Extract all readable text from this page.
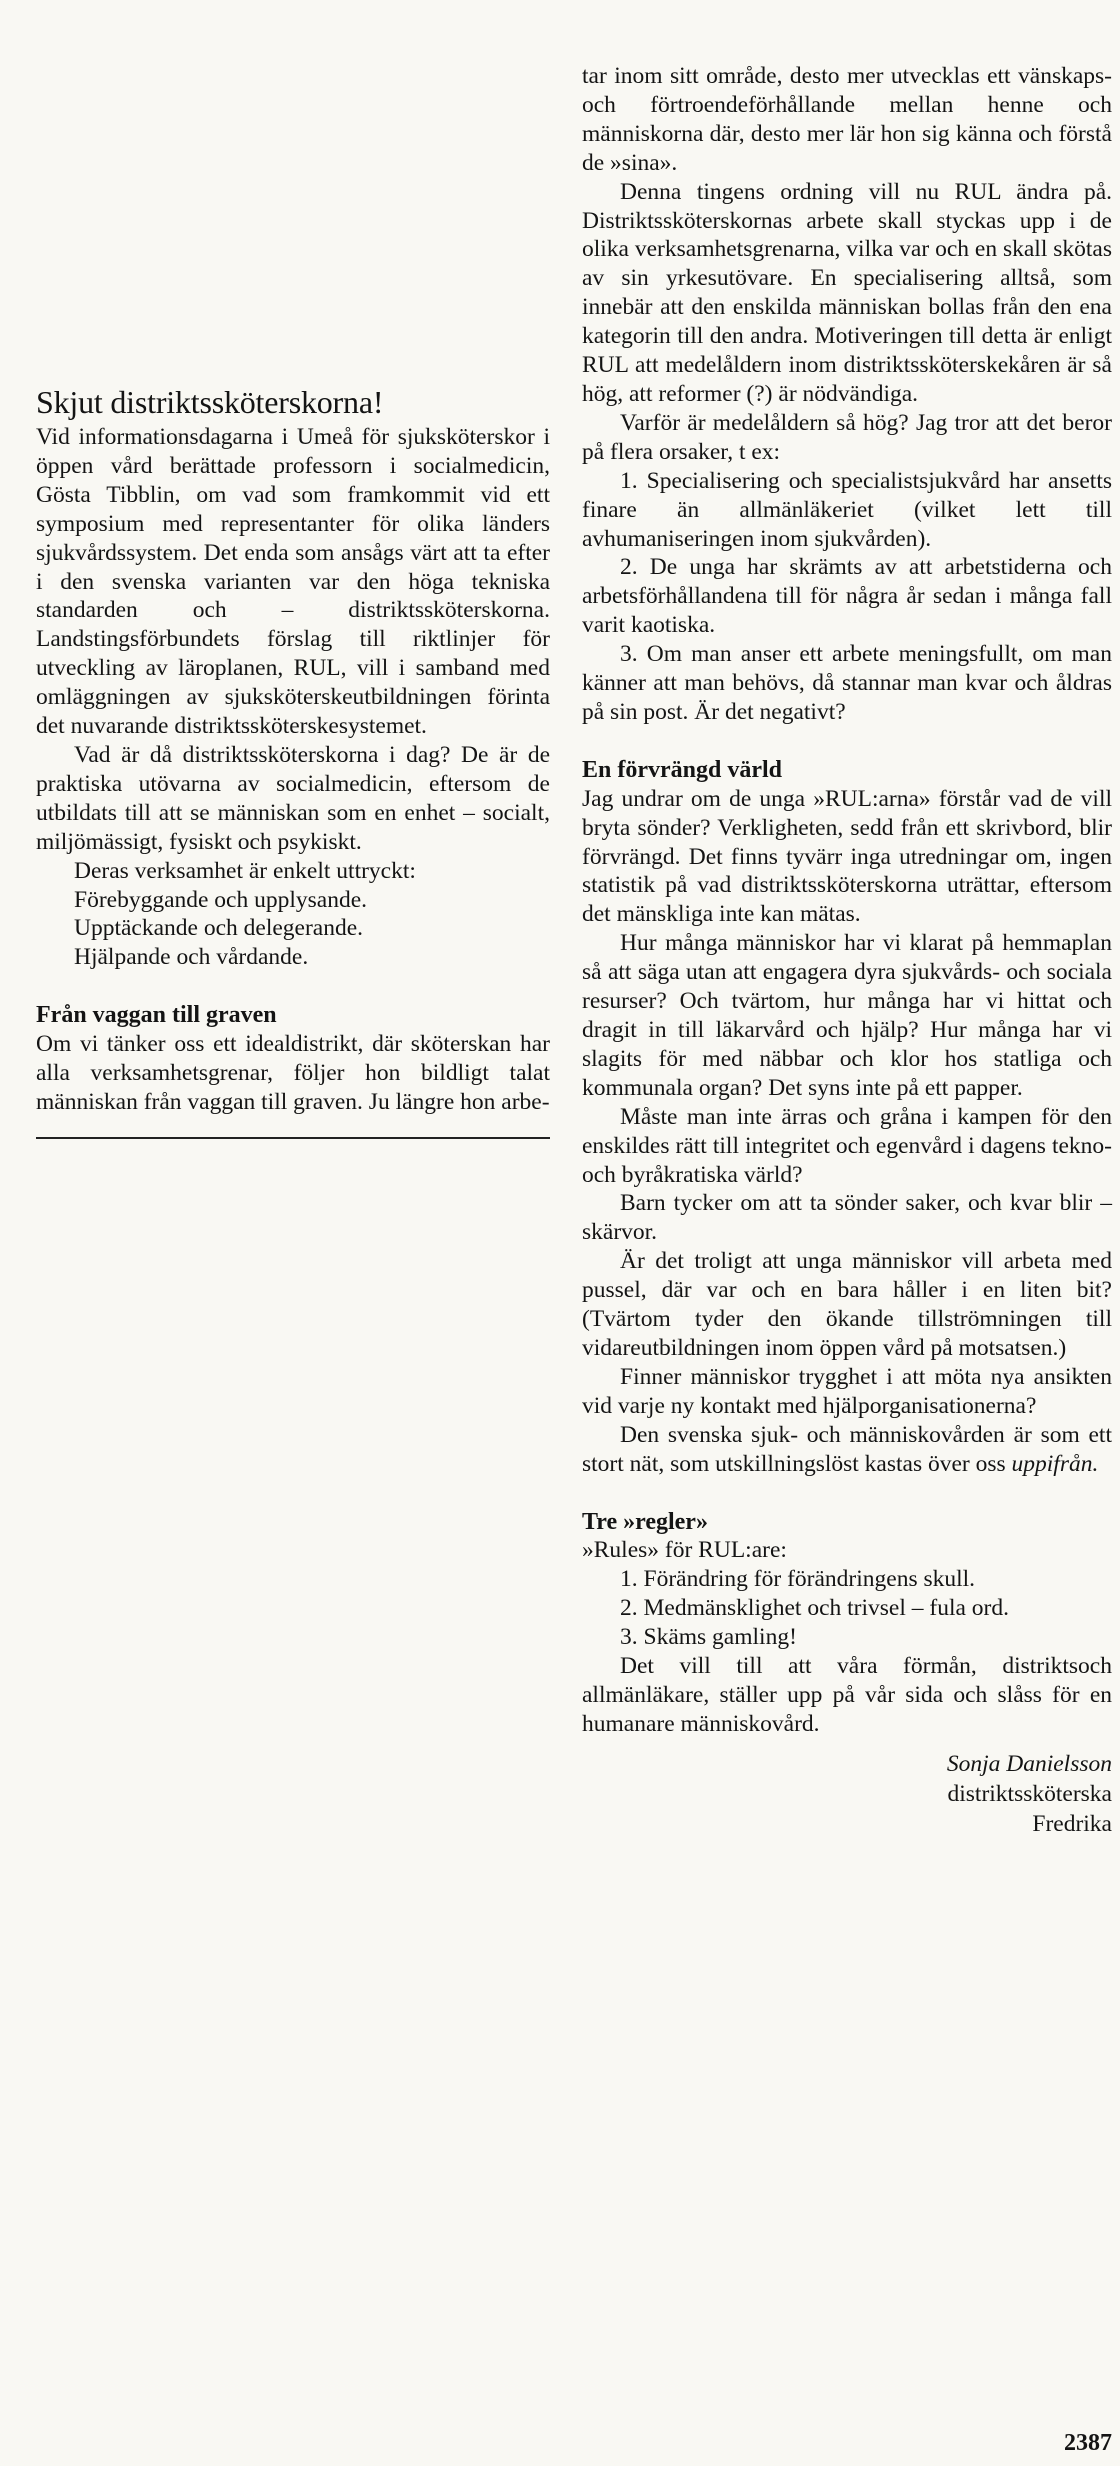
Skjut distriktssköterskorna!

Vid informationsdagarna i Umeå för sjuksköterskor i öppen vård berättade professorn i socialmedicin, Gösta Tibblin, om vad som framkommit vid ett symposium med representanter för olika länders sjukvårdssystem. Det enda som ansågs värt att ta efter i den svenska varianten var den höga tekniska standarden och – distriktssköterskorna. Landstingsförbundets förslag till riktlinjer för utveckling av läroplanen, RUL, vill i samband med omläggningen av sjuksköterskeutbildningen förinta det nuvarande distriktssköterskesystemet.

Vad är då distriktssköterskorna i dag? De är de praktiska utövarna av socialmedicin, eftersom de utbildats till att se människan som en enhet – socialt, miljömässigt, fysiskt och psykiskt.

Deras verksamhet är enkelt uttryckt:

Förebyggande och upplysande.

Upptäckande och delegerande.

Hjälpande och vårdande.

Från vaggan till graven

Om vi tänker oss ett idealdistrikt, där sköterskan har alla verksamhetsgrenar, följer hon bildligt talat människan från vaggan till graven. Ju längre hon arbe-

tar inom sitt område, desto mer utvecklas ett vänskaps- och förtroendeförhållande mellan henne och människorna där, desto mer lär hon sig känna och förstå de »sina».

Denna tingens ordning vill nu RUL ändra på. Distriktssköterskornas arbete skall styckas upp i de olika verksamhetsgrenarna, vilka var och en skall skötas av sin yrkesutövare. En specialisering alltså, som innebär att den enskilda människan bollas från den ena kategorin till den andra. Motiveringen till detta är enligt RUL att medelåldern inom distriktssköterskekåren är så hög, att reformer (?) är nödvändiga.

Varför är medelåldern så hög? Jag tror att det beror på flera orsaker, t ex:

1. Specialisering och specialistsjukvård har ansetts finare än allmänläkeriet (vilket lett till avhumaniseringen inom sjukvården).

2. De unga har skrämts av att arbetstiderna och arbetsförhållandena till för några år sedan i många fall varit kaotiska.

3. Om man anser ett arbete meningsfullt, om man känner att man behövs, då stannar man kvar och åldras på sin post. Är det negativt?

En förvrängd värld

Jag undrar om de unga »RUL:arna» förstår vad de vill bryta sönder? Verkligheten, sedd från ett skrivbord, blir förvrängd. Det finns tyvärr inga utredningar om, ingen statistik på vad distriktssköterskorna uträttar, eftersom det mänskliga inte kan mätas.

Hur många människor har vi klarat på hemmaplan så att säga utan att engagera dyra sjukvårds- och sociala resurser? Och tvärtom, hur många har vi hittat och dragit in till läkarvård och hjälp? Hur många har vi slagits för med näbbar och klor hos statliga och kommunala organ? Det syns inte på ett papper.

Måste man inte ärras och gråna i kampen för den enskildes rätt till integritet och egenvård i dagens tekno- och byråkratiska värld?

Barn tycker om att ta sönder saker, och kvar blir – skärvor.

Är det troligt att unga människor vill arbeta med pussel, där var och en bara håller i en liten bit? (Tvärtom tyder den ökande tillströmningen till vidareutbildningen inom öppen vård på motsatsen.)

Finner människor trygghet i att möta nya ansikten vid varje ny kontakt med hjälporganisationerna?

Den svenska sjuk- och människovården är som ett stort nät, som utskillningslöst kastas över oss uppifrån.

Tre »regler»

»Rules» för RUL:are:

1. Förändring för förändringens skull.

2. Medmänsklighet och trivsel – fula ord.

3. Skäms gamling!

Det vill till att våra förmån, distriktsoch allmänläkare, ställer upp på vår sida och slåss för en humanare människovård.

Sonja Danielsson
distriktssköterska
Fredrika
2387
